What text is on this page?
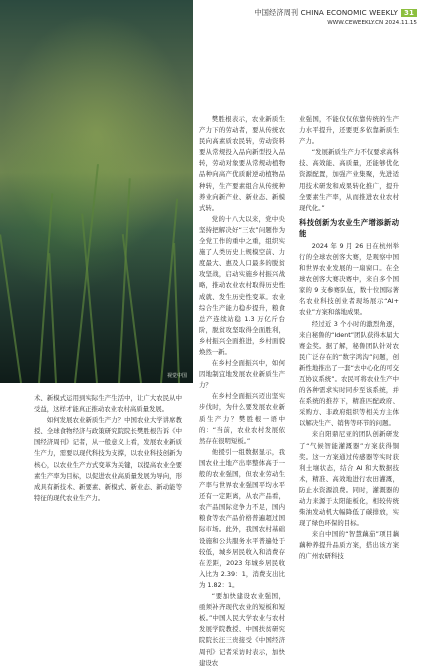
视觉中国
中国经济周刊 CHINA ECONOMIC WEEKLY 31
WWW.CEWEEKLY.CN 2024.11.15

术、新模式运用到实际生产生活中，让广大农民从中受益，这样才能真正推动农业农村高质量发展。

如何发展农业新质生产力？中国农业大学讲席教授、全球食物经济与政策研究院院长樊胜根告诉《中国经济周刊》记者，从一般意义上看，发展农业新质生产力，需要以现代科技为支撑，以农业科技创新为核心，以农业生产方式变革为关键，以提高农业全要素生产率为目标，以促进农业高质量发展为导向，形成具有新技术、新要素、新模式、新业态、新动能等特征的现代农业生产力。

樊胜根表示，农业新质生产力下的劳动者，要从传统农民向高素质农民转，劳动资料要从常规投入品向新型投入品转，劳动对象要从常规动植物品种向高产优质耐逆动植物品种转，生产要素组合从传统种养业向新产业、新业态、新模式转。

党的十八大以来，党中央坚持把解决好“三农”问题作为全党工作的重中之重，组织实施了人类历史上规模空前、力度最大、惠及人口最多的脱贫攻坚战，启动实施乡村振兴战略，推动农业农村取得历史性成就、发生历史性变革。农业综合生产能力稳步提升，粮食总产连续站稳 1.3 万亿斤台阶，脱贫攻坚取得全面胜利，乡村振兴全面推进，乡村面貌焕然一新。

在乡村全面振兴中，如何因地制宜地发展农业新质生产力？

在乡村全面振兴迈出坚实步伐时，为什么要发展农业新质生产力？樊胜根一语中的：“当前，农业农村发展依然存在很明短板。”

他援引一组数据显示，我国农业土地产出率整体高于一般的农业强国，但农业劳动生产率与世界农业强国平均水平还有一定距离，从农产品看，农产品国际竞争力不足，国内粮食等农产品价格普遍超过国际市场。此外，我国农村基础设施和公共服务水平普遍处于较低，城乡居民收入和消费存在差距，2023 年城乡居民收入比为 2.39：1，消费支出比为 1.82：1。

“要加快建设农业强国，亟须补齐现代农业的短板和短板。”中国人民大学农业与农村发展学院教授、中国扶贫研究院院长汪三贵接受《中国经济周刊》记者采访时表示，加快建设农

业强国，不能仅仅依靠传统的生产力水平提升，还要更多依靠新质生产力。

“发展新质生产力不仅要求高科技、高效能、高质量，还能够优化资源配置，加强产业集聚，先进适用技术研发和成果转化推广，提升全要素生产率，从而推进农业农村现代化。”

科技创新为农业生产增添新动能

2024 年 9 月 26 日在杭州举行的全球农创客大赛，是观察中国和世界农业发展的一扇窗口。在全球农创客大赛决赛中，来自多个国家的 9 支参赛队伍，数十位国际著名农业科技创业者现场展示“AI+ 农业”方案和落地成果。

经过近 3 个小时的激烈角逐，来自秘鲁的“Ident”团队获得本届大赛金奖。据了解，秘鲁团队针对农民广泛存在的“数字鸿沟”问题，创新性地推出了一套“去中心化的可交互协议系统”。农民可将农业生产中的各种需求实时同步至该系统，并在系统的推荐下，精准匹配政府、采购方、非政府组织等相关方主体以解决生产、销售等环节的问题。

来自阳鼎尼亚的团队创新研发了“气候智能灌溉器”方案获得铜奖。这一方案通过传感器等实时获利土壤状态，结合 AI 和大数据技术，精准、高效地进行农田灌溉，防止水资源浪费。同时，灌溉器的动力来源于太阳能板化，相较传统柴油发动机大幅降低了碳排放，实现了绿色环保的目标。

来自中国的“智慧藕茄”项目藕藕种养提升品质方案，搭出该方案的广州农研科技
